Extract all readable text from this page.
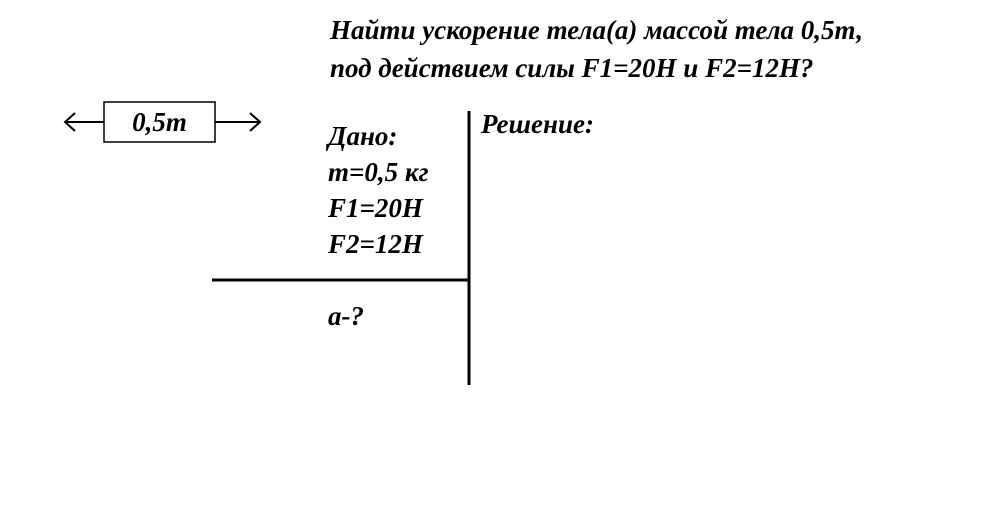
Найти ускорение тела(а) массой тела 0,5т,
под действием силы F1=20Н и F2=12Н?
0,5т	Дано:
m=0,5 кг
F1=20H
F2=12H
a-?
Решение:
